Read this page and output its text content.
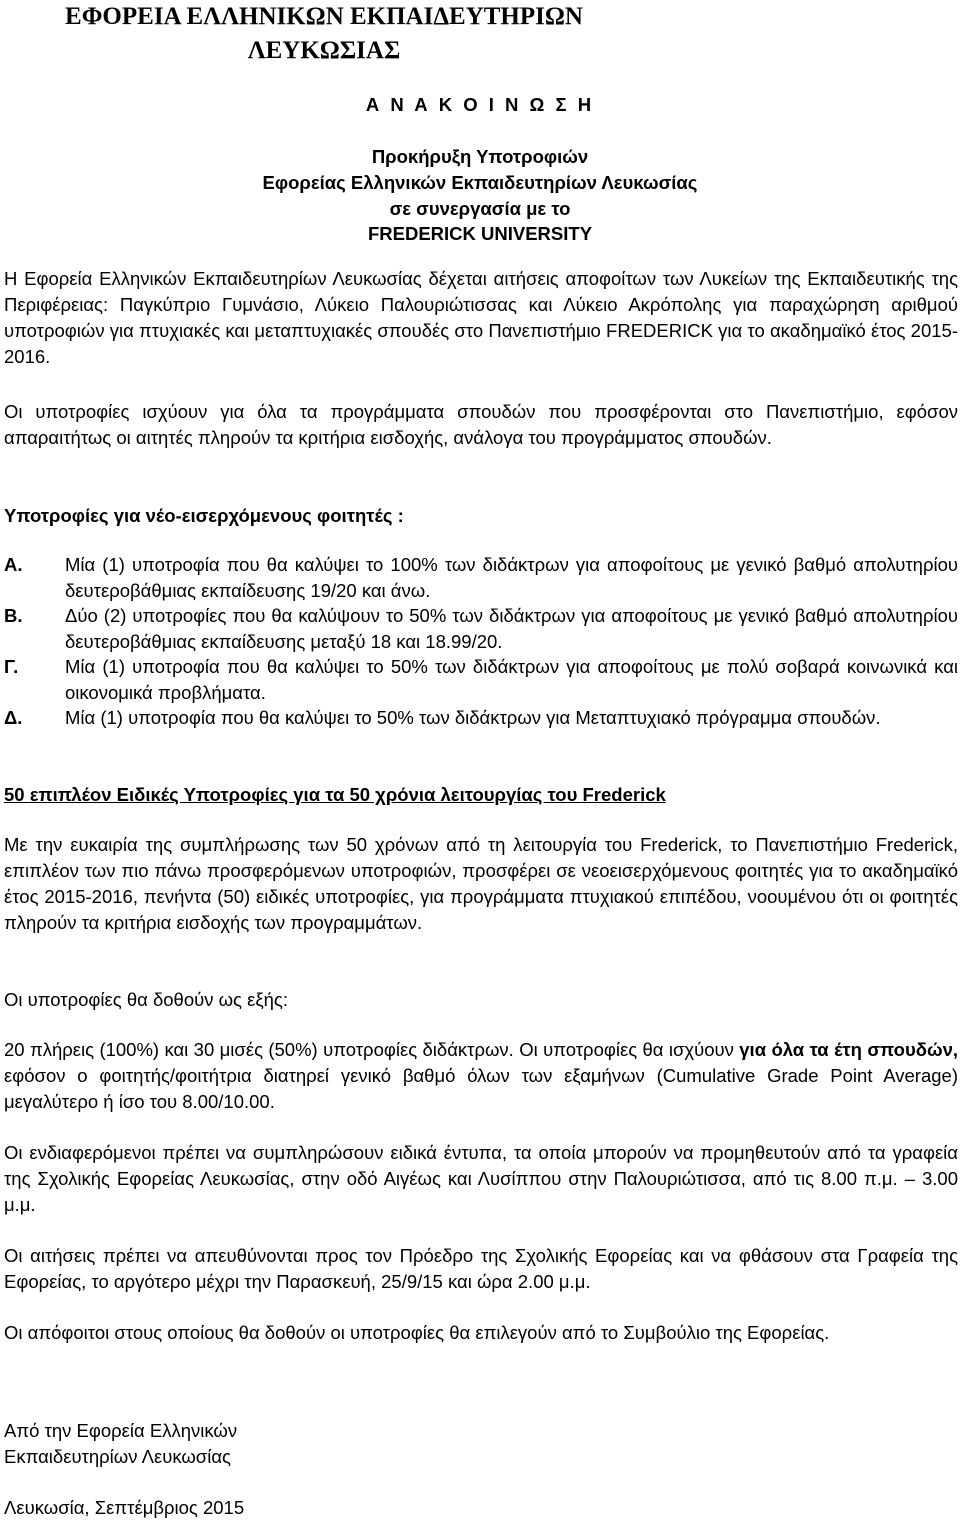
ΕΦΟΡΕΙΑ ΕΛΛΗΝΙΚΩΝ ΕΚΠΑΙΔΕΥΤΗΡΙΩΝ
ΛΕΥΚΩΣΙΑΣ
Α Ν Α Κ Ο Ι Ν Ω Σ Η
Προκήρυξη Υποτροφιών
Εφορείας Ελληνικών Εκπαιδευτηρίων Λευκωσίας
σε συνεργασία με το
FREDERICK UNIVERSITY

Η Εφορεία Ελληνικών Εκπαιδευτηρίων Λευκωσίας δέχεται αιτήσεις αποφοίτων των Λυκείων της Εκπαιδευτικής της Περιφέρειας: Παγκύπριο Γυμνάσιο, Λύκειο Παλουριώτισσας και Λύκειο Ακρόπολης για παραχώρηση αριθμού υποτροφιών για πτυχιακές και μεταπτυχιακές σπουδές στο Πανεπιστήμιο FREDERICK για το ακαδημαϊκό έτος 2015-2016.

Οι υποτροφίες ισχύουν για όλα τα προγράμματα σπουδών που προσφέρονται στο Πανεπιστήμιο, εφόσον απαραιτήτως οι αιτητές πληρούν τα κριτήρια εισδοχής, ανάλογα του προγράμματος σπουδών.

Υποτροφίες για νέο-εισερχόμενους φοιτητές :

Α. Μία (1) υποτροφία που θα καλύψει το 100% των διδάκτρων για αποφοίτους με γενικό βαθμό απολυτηρίου δευτεροβάθμιας εκπαίδευσης 19/20 και άνω.
Β. Δύο (2) υποτροφίες που θα καλύψουν το 50% των διδάκτρων για αποφοίτους με γενικό βαθμό απολυτηρίου δευτεροβάθμιας εκπαίδευσης μεταξύ 18 και 18.99/20.
Γ.	Μία (1) υποτροφία που θα καλύψει το 50% των διδάκτρων για αποφοίτους με πολύ σοβαρά κοινωνικά και οικονομικά προβλήματα.
Δ. Μία (1) υποτροφία που θα καλύψει το 50% των διδάκτρων για Μεταπτυχιακό πρόγραμμα σπουδών.

50 επιπλέον Ειδικές Υποτροφίες για τα 50 χρόνια λειτουργίας του Frederick

Με την ευκαιρία της συμπλήρωσης των 50 χρόνων από τη λειτουργία του Frederick, το Πανεπιστήμιο Frederick, επιπλέον των πιο πάνω προσφερόμενων υποτροφιών, προσφέρει σε νεοεισερχόμενους φοιτητές για το ακαδημαϊκό έτος 2015-2016, πενήντα (50) ειδικές υποτροφίες, για προγράμματα πτυχιακού επιπέδου, νοουμένου ότι οι φοιτητές πληρούν τα κριτήρια εισδοχής των προγραμμάτων.

Οι υποτροφίες θα δοθούν ως εξής:

20 πλήρεις (100%) και 30 μισές (50%) υποτροφίες διδάκτρων. Οι υποτροφίες θα ισχύουν για όλα τα έτη σπουδών, εφόσον ο φοιτητής/φοιτήτρια διατηρεί γενικό βαθμό όλων των εξαμήνων (Cumulative Grade Point Average) μεγαλύτερο ή ίσο του 8.00/10.00.

Οι ενδιαφερόμενοι πρέπει να συμπληρώσουν ειδικά έντυπα, τα οποία μπορούν να προμηθευτούν από τα γραφεία της Σχολικής Εφορείας Λευκωσίας, στην οδό Αιγέως και Λυσίππου στην Παλουριώτισσα, από τις 8.00 π.μ. – 3.00 μ.μ.

Οι αιτήσεις πρέπει να απευθύνονται προς τον Πρόεδρο της Σχολικής Εφορείας και να φθάσουν στα Γραφεία της Εφορείας, το αργότερο μέχρι την Παρασκευή, 25/9/15 και ώρα 2.00 μ.μ.

Οι απόφοιτοι στους οποίους θα δοθούν οι υποτροφίες θα επιλεγούν από το Συμβούλιο της Εφορείας.

Από την Εφορεία Ελληνικών
Εκπαιδευτηρίων Λευκωσίας

Λευκωσία, Σεπτέμβριος 2015
